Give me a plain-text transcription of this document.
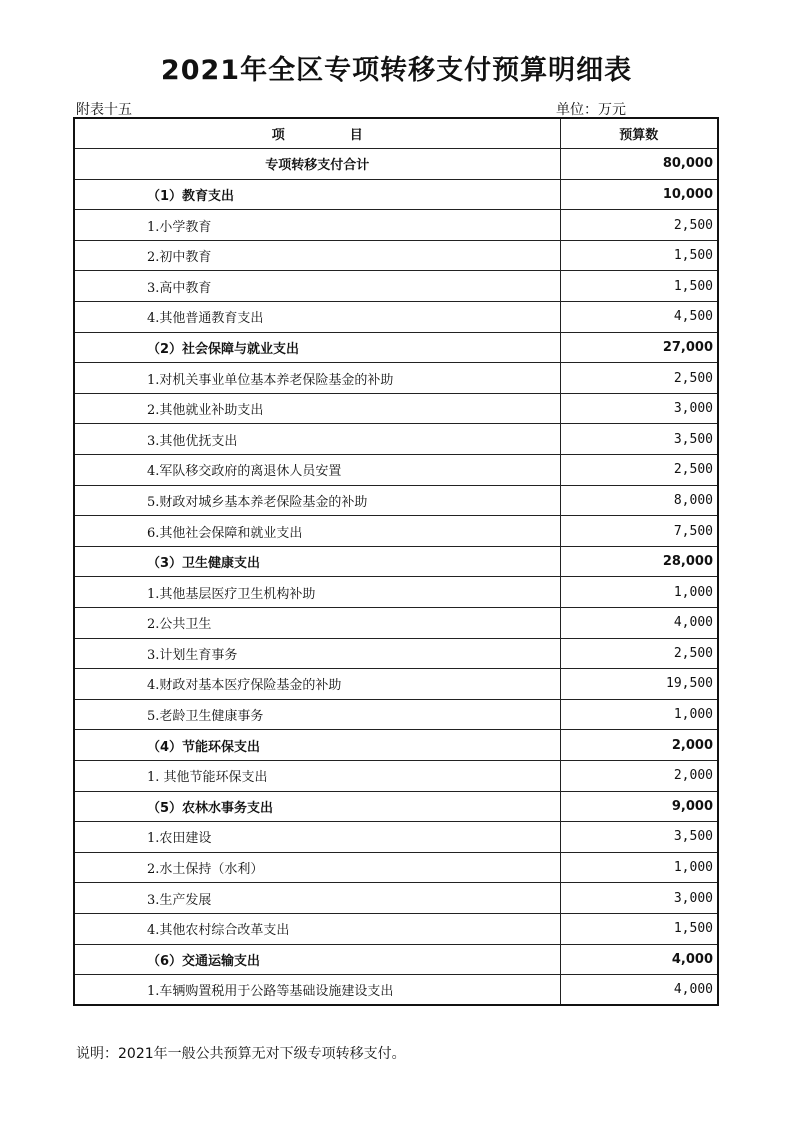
2021年全区专项转移支付预算明细表
附表十五	单位：万元
项　　　　　目	预算数
专项转移支付合计	80,000
（1）教育支出	10,000
1.小学教育	2,500
2.初中教育	1,500
3.高中教育	1,500
4.其他普通教育支出	4,500
（2）社会保障与就业支出	27,000
1.对机关事业单位基本养老保险基金的补助	2,500
2.其他就业补助支出	3,000
3.其他优抚支出	3,500
4.军队移交政府的离退休人员安置	2,500
5.财政对城乡基本养老保险基金的补助	8,000
6.其他社会保障和就业支出	7,500
（3）卫生健康支出	28,000
1.其他基层医疗卫生机构补助	1,000
2.公共卫生	4,000
3.计划生育事务	2,500
4.财政对基本医疗保险基金的补助	19,500
5.老龄卫生健康事务	1,000
（4）节能环保支出	2,000
1. 其他节能环保支出	2,000
（5）农林水事务支出	9,000
1.农田建设	3,500
2.水土保持（水利）	1,000
3.生产发展	3,000
4.其他农村综合改革支出	1,500
（6）交通运输支出	4,000
1.车辆购置税用于公路等基础设施建设支出	4,000
说明：2021年一般公共预算无对下级专项转移支付。
